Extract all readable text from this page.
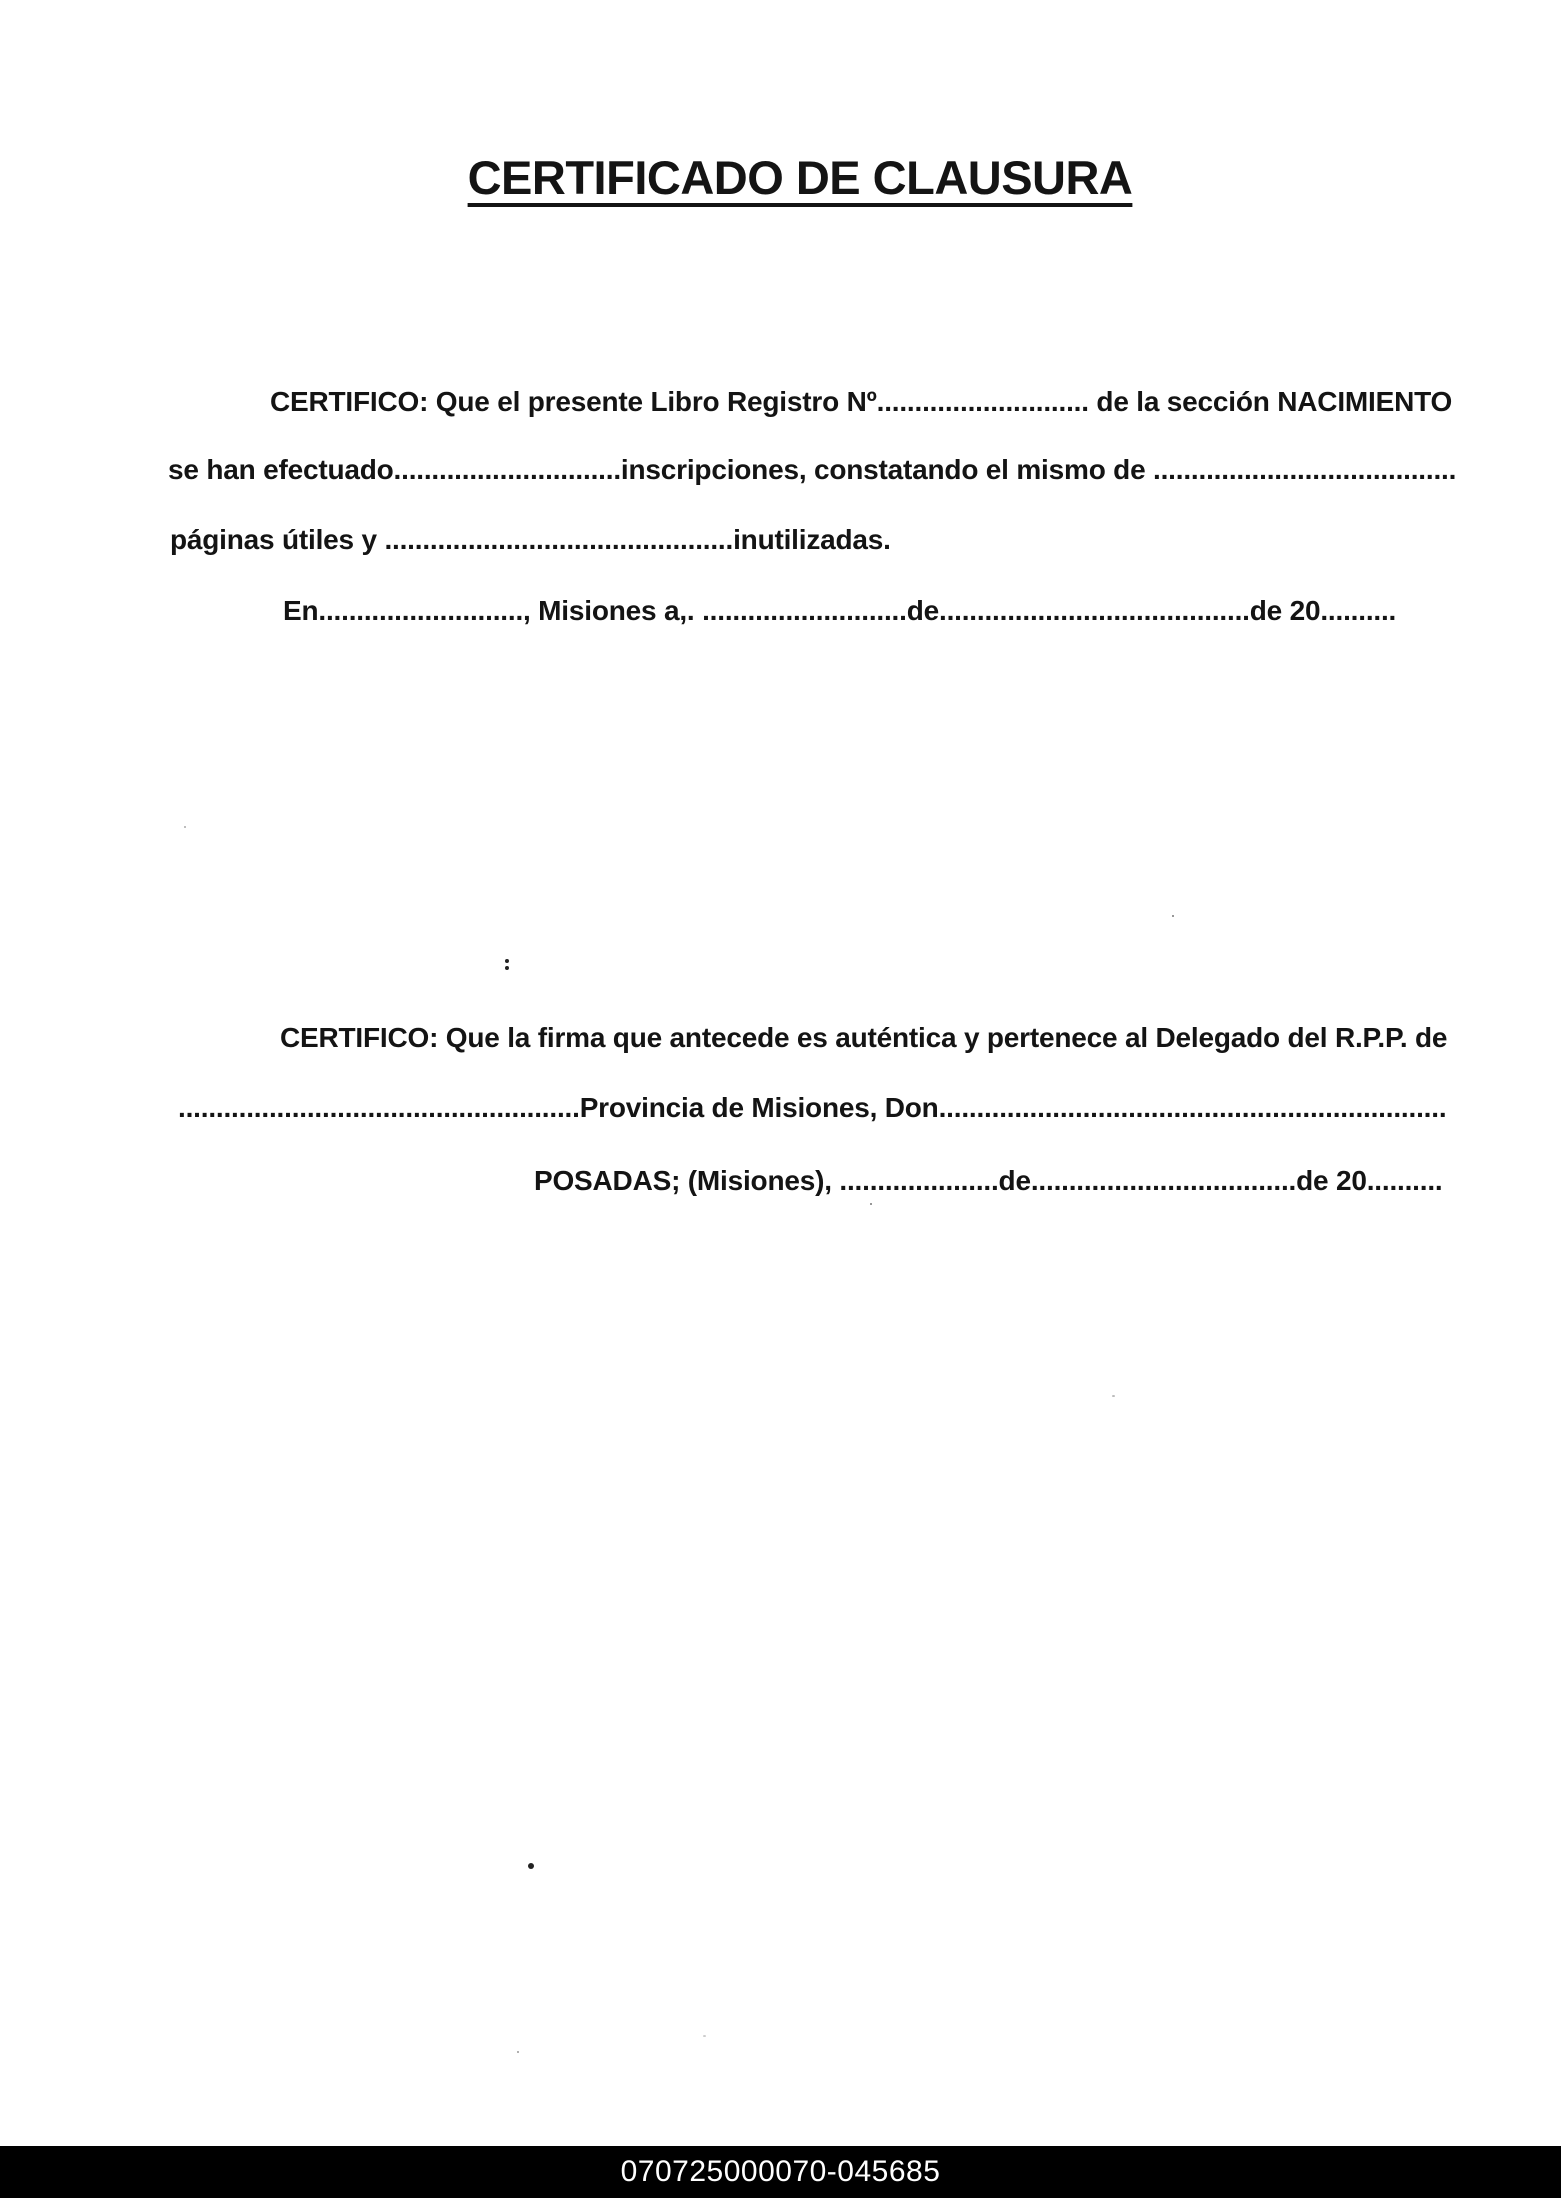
CERTIFICADO DE CLAUSURA
CERTIFICO: Que el presente Libro Registro Nº............................ de la sección NACIMIENTO
se han efectuado..............................inscripciones, constatando el mismo de ........................................
páginas útiles y ..............................................inutilizadas.
En..........................., Misiones a,. ...........................de.........................................de 20..........
CERTIFICO: Que la firma que antecede es auténtica y pertenece al Delegado del R.P.P. de
.....................................................Provincia de Misiones, Don...................................................................
POSADAS; (Misiones), .....................de...................................de 20..........
070725000070-045685
